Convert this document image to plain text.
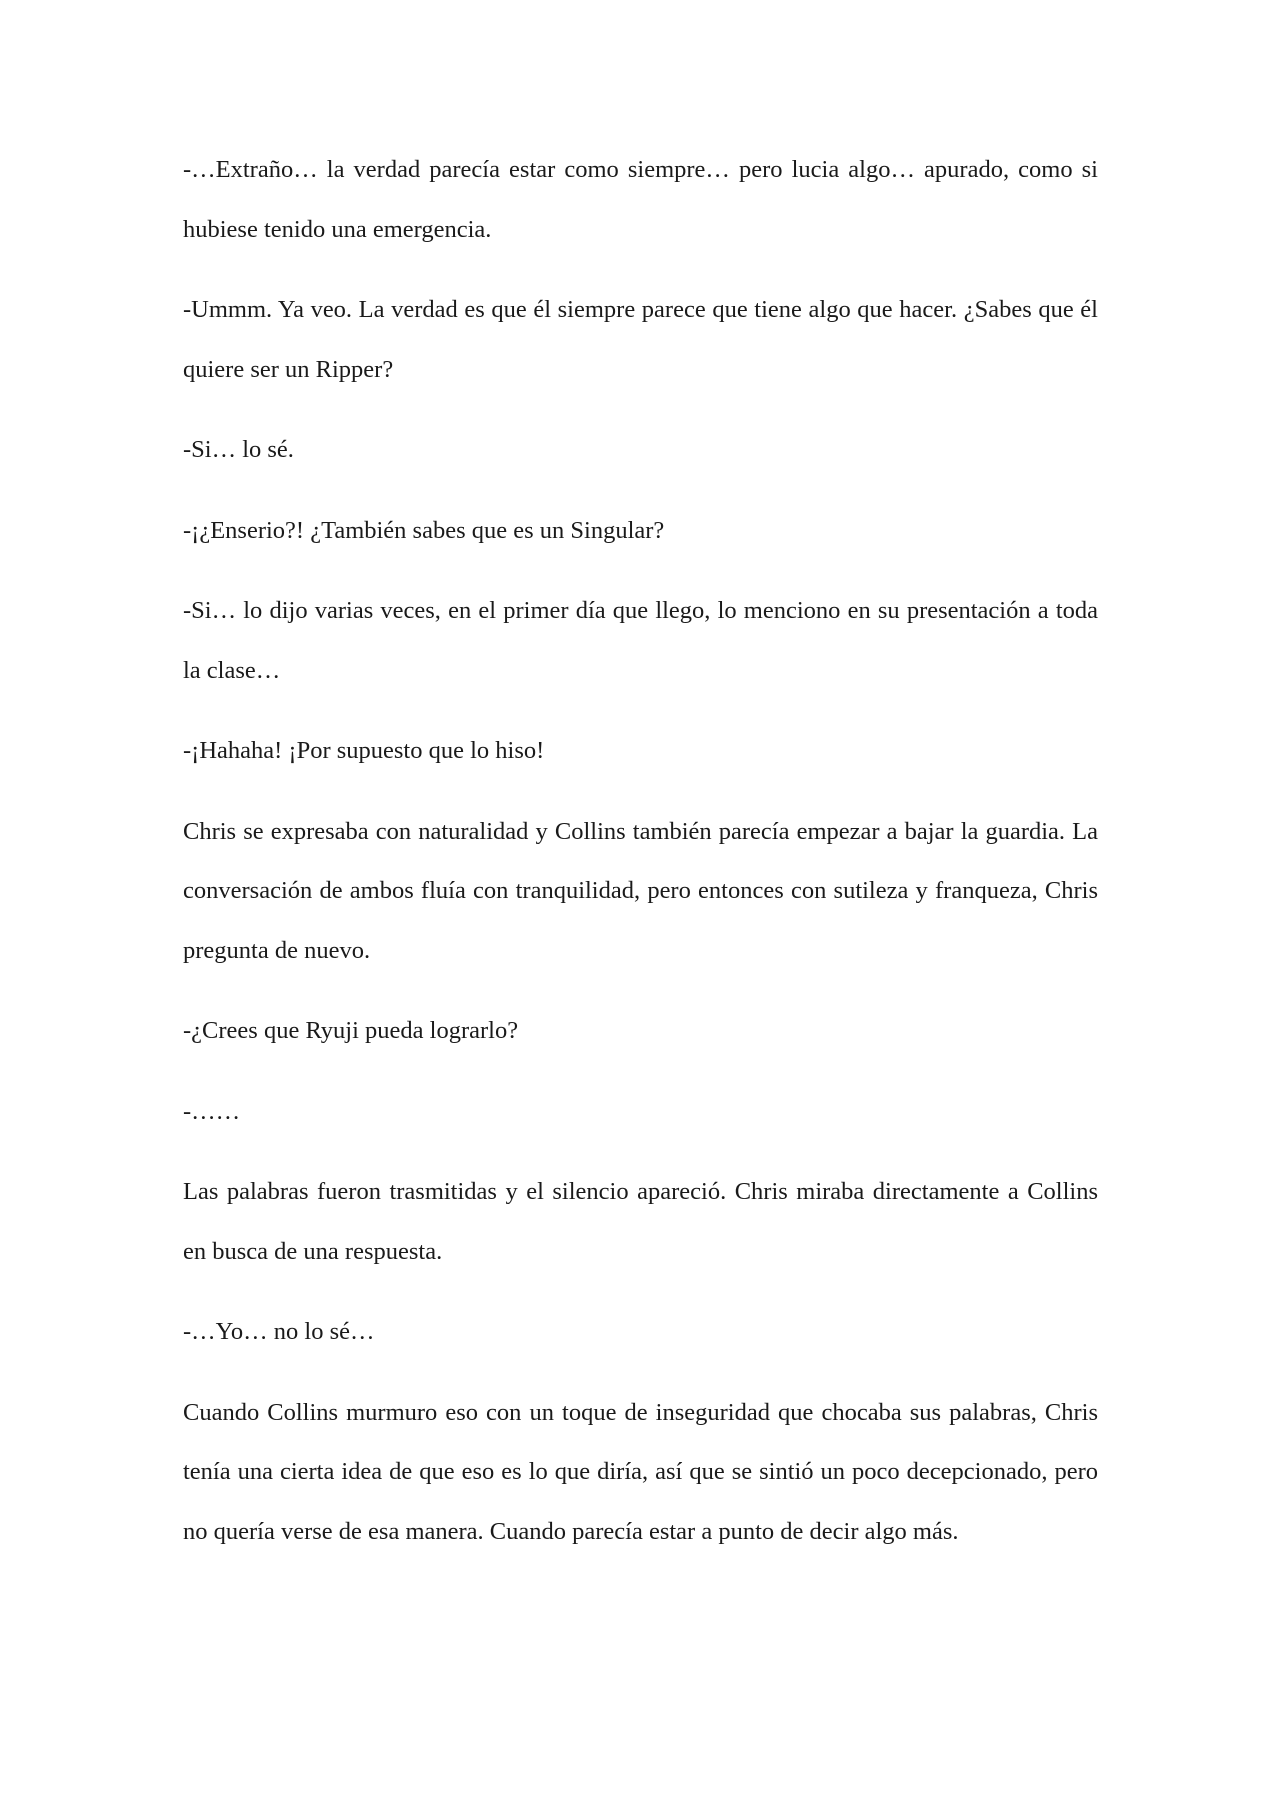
-…Extraño… la verdad parecía estar como siempre… pero lucia algo… apurado, como si hubiese tenido una emergencia.

-Ummm. Ya veo. La verdad es que él siempre parece que tiene algo que hacer. ¿Sabes que él quiere ser un Ripper?

-Si… lo sé.

-¡¿Enserio?! ¿También sabes que es un Singular?

-Si… lo dijo varias veces, en el primer día que llego, lo menciono en su presentación a toda la clase…

-¡Hahaha! ¡Por supuesto que lo hiso!

Chris se expresaba con naturalidad y Collins también parecía empezar a bajar la guardia. La conversación de ambos fluía con tranquilidad, pero entonces con sutileza y franqueza, Chris pregunta de nuevo.

-¿Crees que Ryuji pueda lograrlo?

-……

Las palabras fueron trasmitidas y el silencio apareció. Chris miraba directamente a Collins en busca de una respuesta.

-…Yo… no lo sé…

Cuando Collins murmuro eso con un toque de inseguridad que chocaba sus palabras, Chris tenía una cierta idea de que eso es lo que diría, así que se sintió un poco decepcionado, pero no quería verse de esa manera. Cuando parecía estar a punto de decir algo más.
